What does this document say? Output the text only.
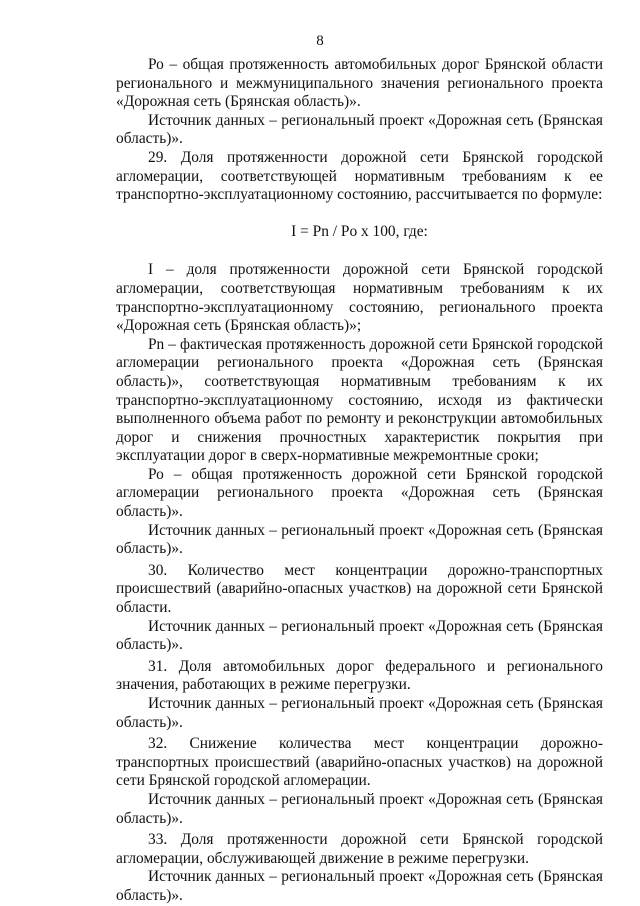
8

Ро – общая протяженность автомобильных дорог Брянской области регионального и межмуниципального значения регионального проекта «Дорожная сеть (Брянская область)».

Источник данных – региональный проект «Дорожная сеть (Брянская область)».

29. Доля протяженности дорожной сети Брянской городской агломерации, соответствующей нормативным требованиям к ее транспортно-эксплуатационному состоянию, рассчитывается по формуле:

I = Pn / Po x 100, где:

I – доля протяженности дорожной сети Брянской городской агломерации, соответствующая нормативным требованиям к их транспортно-эксплуатационному состоянию, регионального проекта «Дорожная сеть (Брянская область)»;

Pn – фактическая протяженность дорожной сети Брянской городской агломерации регионального проекта «Дорожная сеть (Брянская область)», соответствующая нормативным требованиям к их транспортно-эксплуатационному состоянию, исходя из фактически выполненного объема работ по ремонту и реконструкции автомобильных дорог и снижения прочностных характеристик покрытия при эксплуатации дорог в сверх-нормативные межремонтные сроки;

Ро – общая протяженность дорожной сети Брянской городской агломерации регионального проекта «Дорожная сеть (Брянская область)».

Источник данных – региональный проект «Дорожная сеть (Брянская область)».

30. Количество мест концентрации дорожно-транспортных происшествий (аварийно-опасных участков) на дорожной сети Брянской области.

Источник данных – региональный проект «Дорожная сеть (Брянская область)».

31. Доля автомобильных дорог федерального и регионального значения, работающих в режиме перегрузки.

Источник данных – региональный проект «Дорожная сеть (Брянская область)».

32. Снижение количества мест концентрации дорожно-транспортных происшествий (аварийно-опасных участков) на дорожной сети Брянской городской агломерации.

Источник данных – региональный проект «Дорожная сеть (Брянская область)».

33. Доля протяженности дорожной сети Брянской городской агломерации, обслуживающей движение в режиме перегрузки.

Источник данных – региональный проект «Дорожная сеть (Брянская область)».
